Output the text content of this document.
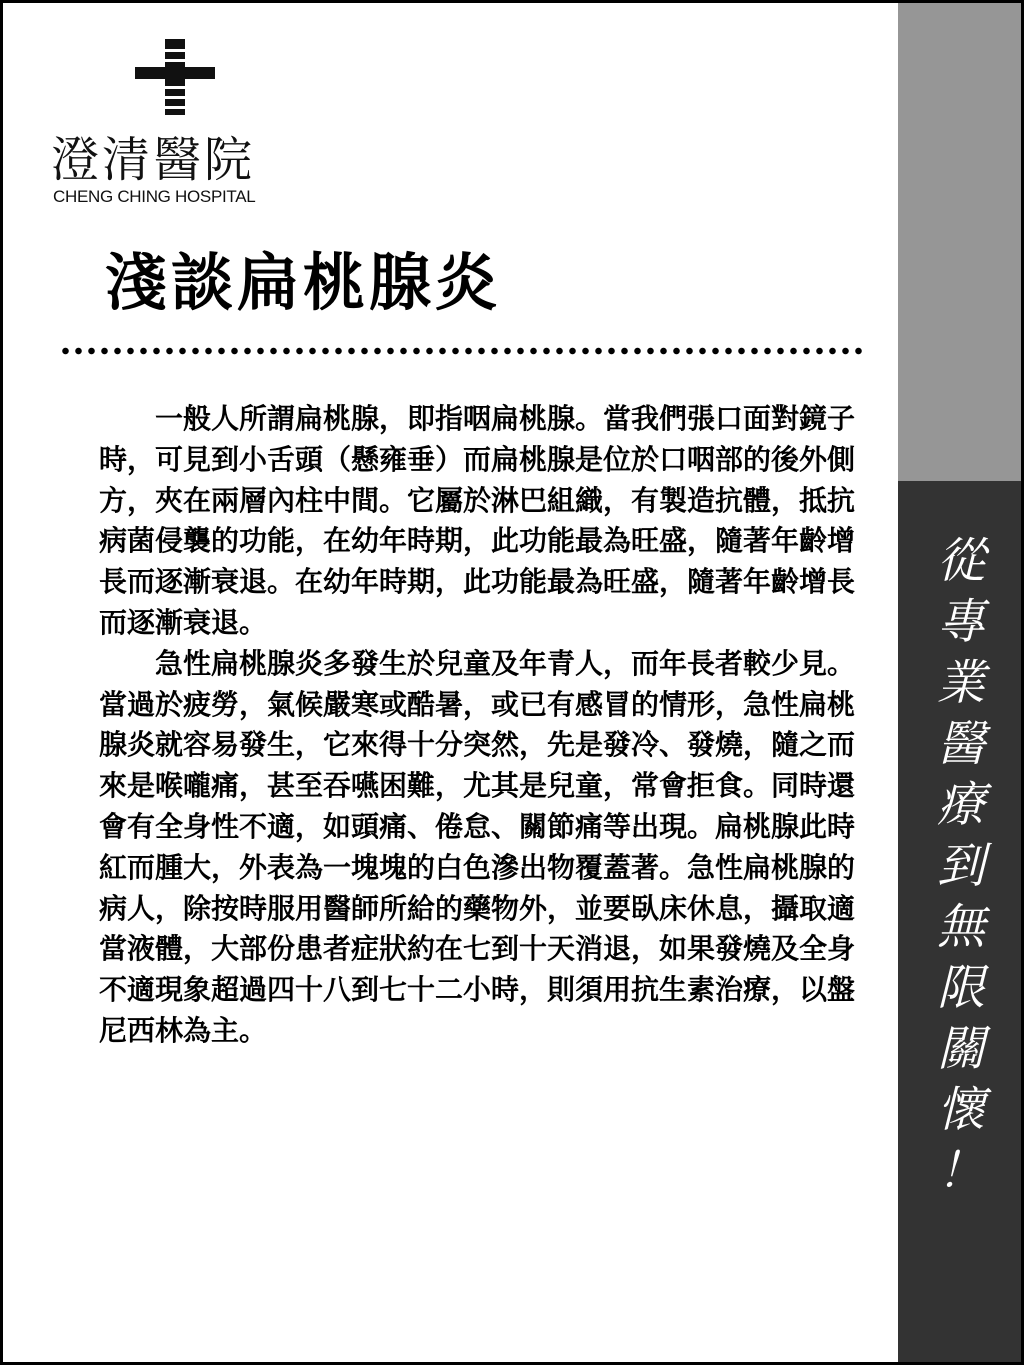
澄清醫院
CHENG CHING HOSPITAL
淺談扁桃腺炎

一般人所謂扁桃腺，即指咽扁桃腺。當我們張口面對鏡子時，可見到小舌頭（懸雍垂）而扁桃腺是位於口咽部的後外側方，夾在兩層內柱中間。它屬於淋巴組織，有製造抗體，抵抗病菌侵襲的功能，在幼年時期，此功能最為旺盛，隨著年齡增長而逐漸衰退。在幼年時期，此功能最為旺盛，隨著年齡增長而逐漸衰退。

急性扁桃腺炎多發生於兒童及年青人，而年長者較少見。當過於疲勞，氣候嚴寒或酷暑，或已有感冒的情形，急性扁桃腺炎就容易發生，它來得十分突然，先是發冷、發燒，隨之而來是喉嚨痛，甚至吞嚥困難，尤其是兒童，常會拒食。同時還會有全身性不適，如頭痛、倦怠、關節痛等出現。扁桃腺此時紅而腫大，外表為一塊塊的白色滲出物覆蓋著。急性扁桃腺的病人，除按時服用醫師所給的藥物外，並要臥床休息，攝取適當液體，大部份患者症狀約在七到十天消退，如果發燒及全身不適現象超過四十八到七十二小時，則須用抗生素治療，以盤尼西林為主。

從
專
業
醫
療
到
無
限
關
懷
！
